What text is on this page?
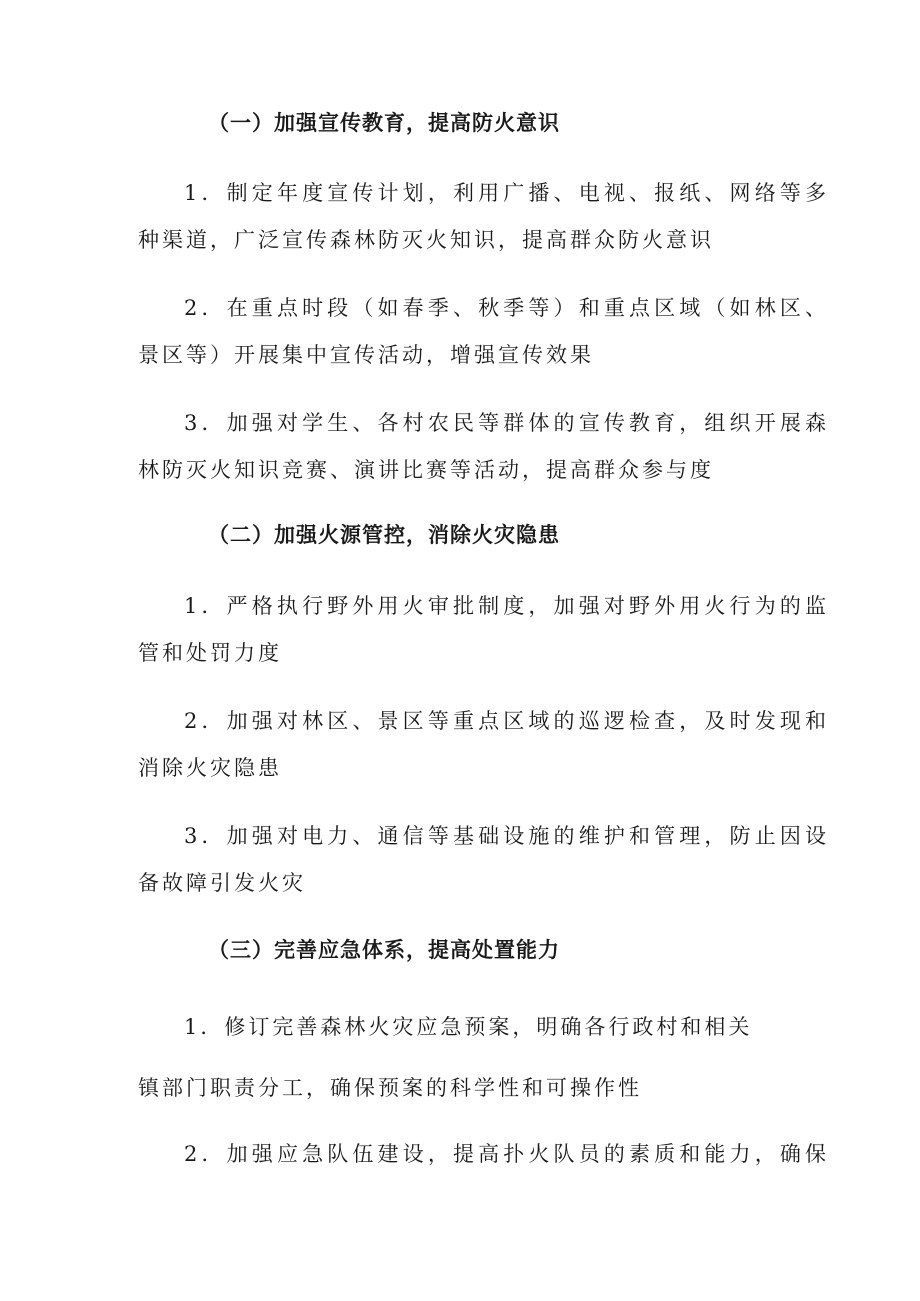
（一）加强宣传教育，提高防火意识
1．制定年度宣传计划，利用广播、电视、报纸、网络等多
种渠道，广泛宣传森林防灭火知识，提高群众防火意识
2．在重点时段（如春季、秋季等）和重点区域（如林区、
景区等）开展集中宣传活动，增强宣传效果
3．加强对学生、各村农民等群体的宣传教育，组织开展森
林防灭火知识竞赛、演讲比赛等活动，提高群众参与度
（二）加强火源管控，消除火灾隐患
1．严格执行野外用火审批制度，加强对野外用火行为的监
管和处罚力度
2．加强对林区、景区等重点区域的巡逻检查，及时发现和
消除火灾隐患
3．加强对电力、通信等基础设施的维护和管理，防止因设
备故障引发火灾
（三）完善应急体系，提高处置能力
1．修订完善森林火灾应急预案，明确各行政村和相关
镇部门职责分工，确保预案的科学性和可操作性
2．加强应急队伍建设，提高扑火队员的素质和能力，确保
